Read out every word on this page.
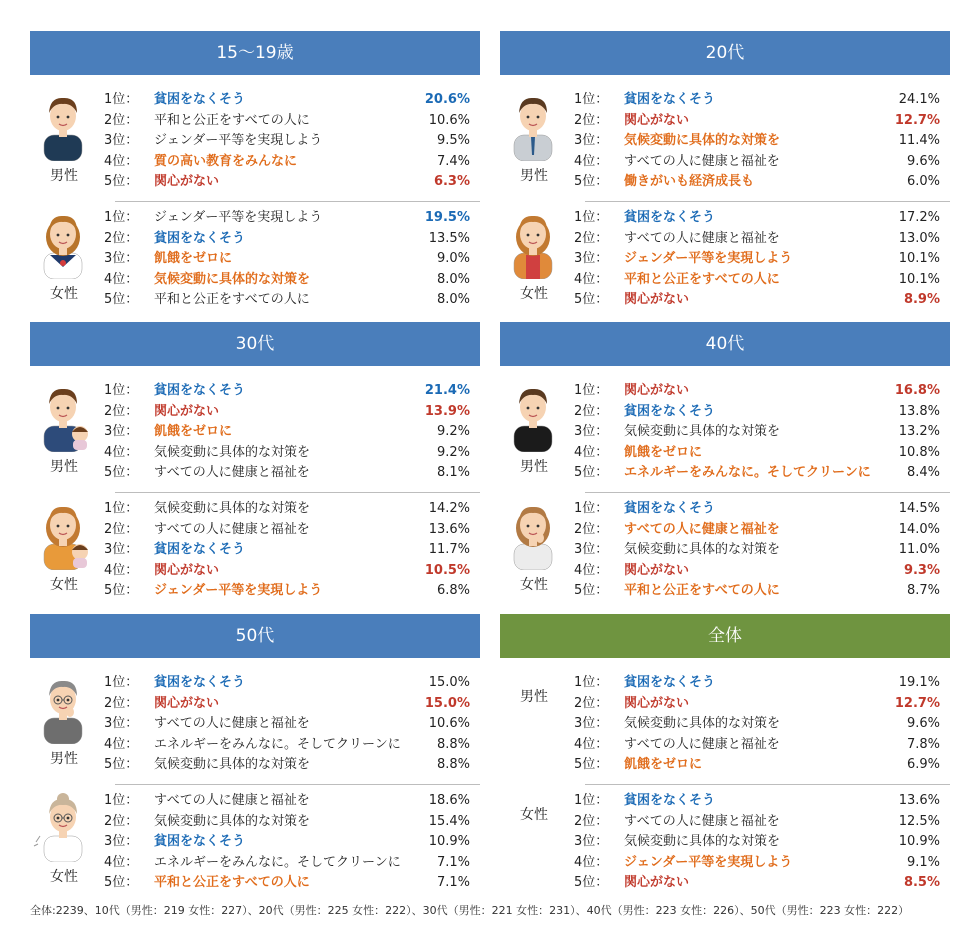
15〜19歳
男性
1位：	貧困をなくそう	20.6%
2位：	平和と公正をすべての人に	10.6%
3位：	ジェンダー平等を実現しよう	9.5%
4位：	質の高い教育をみんなに	7.4%
5位：	関心がない	6.3%
女性
1位：	ジェンダー平等を実現しよう	19.5%
2位：	貧困をなくそう	13.5%
3位：	飢餓をゼロに	9.0%
4位：	気候変動に具体的な対策を	8.0%
5位：	平和と公正をすべての人に	8.0%
20代
男性
1位：	貧困をなくそう	24.1%
2位：	関心がない	12.7%
3位：	気候変動に具体的な対策を	11.4%
4位：	すべての人に健康と福祉を	9.6%
5位：	働きがいも経済成長も	6.0%
女性
1位：	貧困をなくそう	17.2%
2位：	すべての人に健康と福祉を	13.0%
3位：	ジェンダー平等を実現しよう	10.1%
4位：	平和と公正をすべての人に	10.1%
5位：	関心がない	8.9%
30代
男性
1位：	貧困をなくそう	21.4%
2位：	関心がない	13.9%
3位：	飢餓をゼロに	9.2%
4位：	気候変動に具体的な対策を	9.2%
5位：	すべての人に健康と福祉を	8.1%
女性
1位：	気候変動に具体的な対策を	14.2%
2位：	すべての人に健康と福祉を	13.6%
3位：	貧困をなくそう	11.7%
4位：	関心がない	10.5%
5位：	ジェンダー平等を実現しよう	6.8%
40代
男性
1位：	関心がない	16.8%
2位：	貧困をなくそう	13.8%
3位：	気候変動に具体的な対策を	13.2%
4位：	飢餓をゼロに	10.8%
5位：	エネルギーをみんなに。そしてクリーンに	8.4%
女性
1位：	貧困をなくそう	14.5%
2位：	すべての人に健康と福祉を	14.0%
3位：	気候変動に具体的な対策を	11.0%
4位：	関心がない	9.3%
5位：	平和と公正をすべての人に	8.7%
50代
男性
1位：	貧困をなくそう	15.0%
2位：	関心がない	15.0%
3位：	すべての人に健康と福祉を	10.6%
4位：	エネルギーをみんなに。そしてクリーンに	8.8%
5位：	気候変動に具体的な対策を	8.8%
女性
1位：	すべての人に健康と福祉を	18.6%
2位：	気候変動に具体的な対策を	15.4%
3位：	貧困をなくそう	10.9%
4位：	エネルギーをみんなに。そしてクリーンに	7.1%
5位：	平和と公正をすべての人に	7.1%
全体
男性
1位：	貧困をなくそう	19.1%
2位：	関心がない	12.7%
3位：	気候変動に具体的な対策を	9.6%
4位：	すべての人に健康と福祉を	7.8%
5位：	飢餓をゼロに	6.9%
女性
1位：	貧困をなくそう	13.6%
2位：	すべての人に健康と福祉を	12.5%
3位：	気候変動に具体的な対策を	10.9%
4位：	ジェンダー平等を実現しよう	9.1%
5位：	関心がない	8.5%
全体:2239、10代（男性：219 女性：227）、20代（男性：225 女性：222）、30代（男性：221 女性：231）、40代（男性：223 女性：226）、50代（男性：223 女性：222）
